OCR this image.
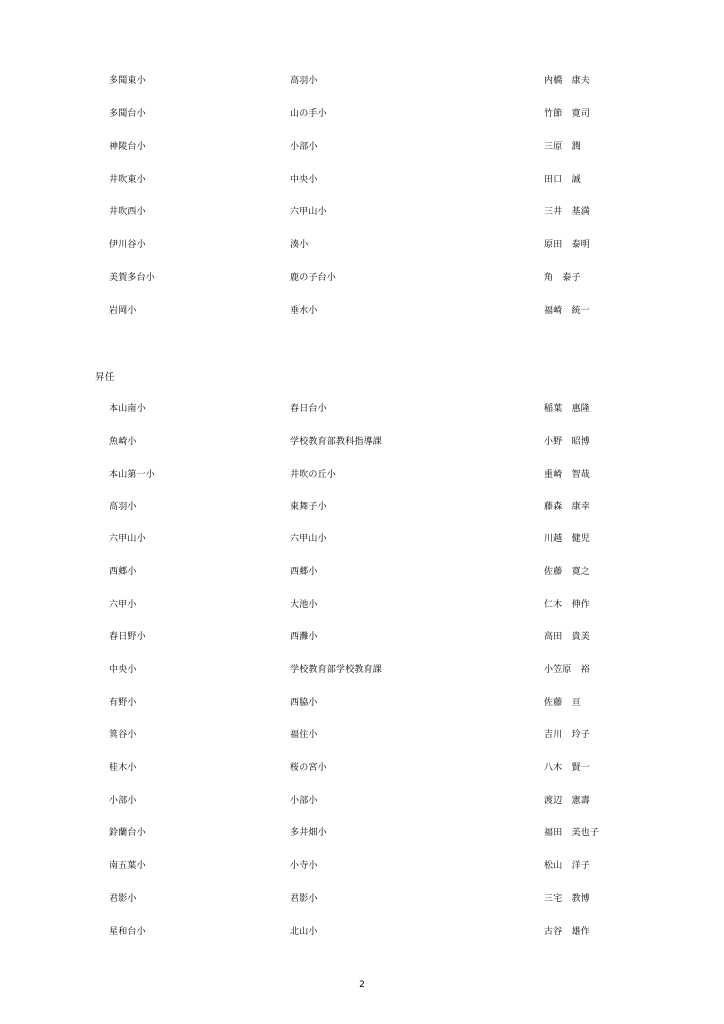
多聞東小	高羽小	内橋　康夫
多聞台小	山の手小	竹節　寛司
神陵台小	小部小	三原　潤
井吹東小	中央小	田口　誠
井吹西小	六甲山小	三井　基満
伊川谷小	湊小	原田　泰明
美賀多台小	鹿の子台小	角　泰子
岩岡小	垂水小	福崎　統一
昇任
本山南小	春日台小	稲葉　惠隆
魚崎小	学校教育部教科指導課	小野　昭博
本山第一小	井吹の丘小	重崎　智哉
高羽小	東舞子小	藤森　康幸
六甲山小	六甲山小	川越　健児
西郷小	西郷小	佐藤　寛之
六甲小	大池小	仁木　伸作
春日野小	西灘小	高田　貴美
中央小	学校教育部学校教育課	小笠原　裕
有野小	西脇小	佐藤　亘
箕谷小	福住小	吉川　玲子
桂木小	桜の宮小	八木　賢一
小部小	小部小	渡辺　憲壽
鈴蘭台小	多井畑小	福田　美也子
南五葉小	小寺小	松山　洋子
君影小	君影小	三宅　教博
星和台小	北山小	古谷　雄作
2
